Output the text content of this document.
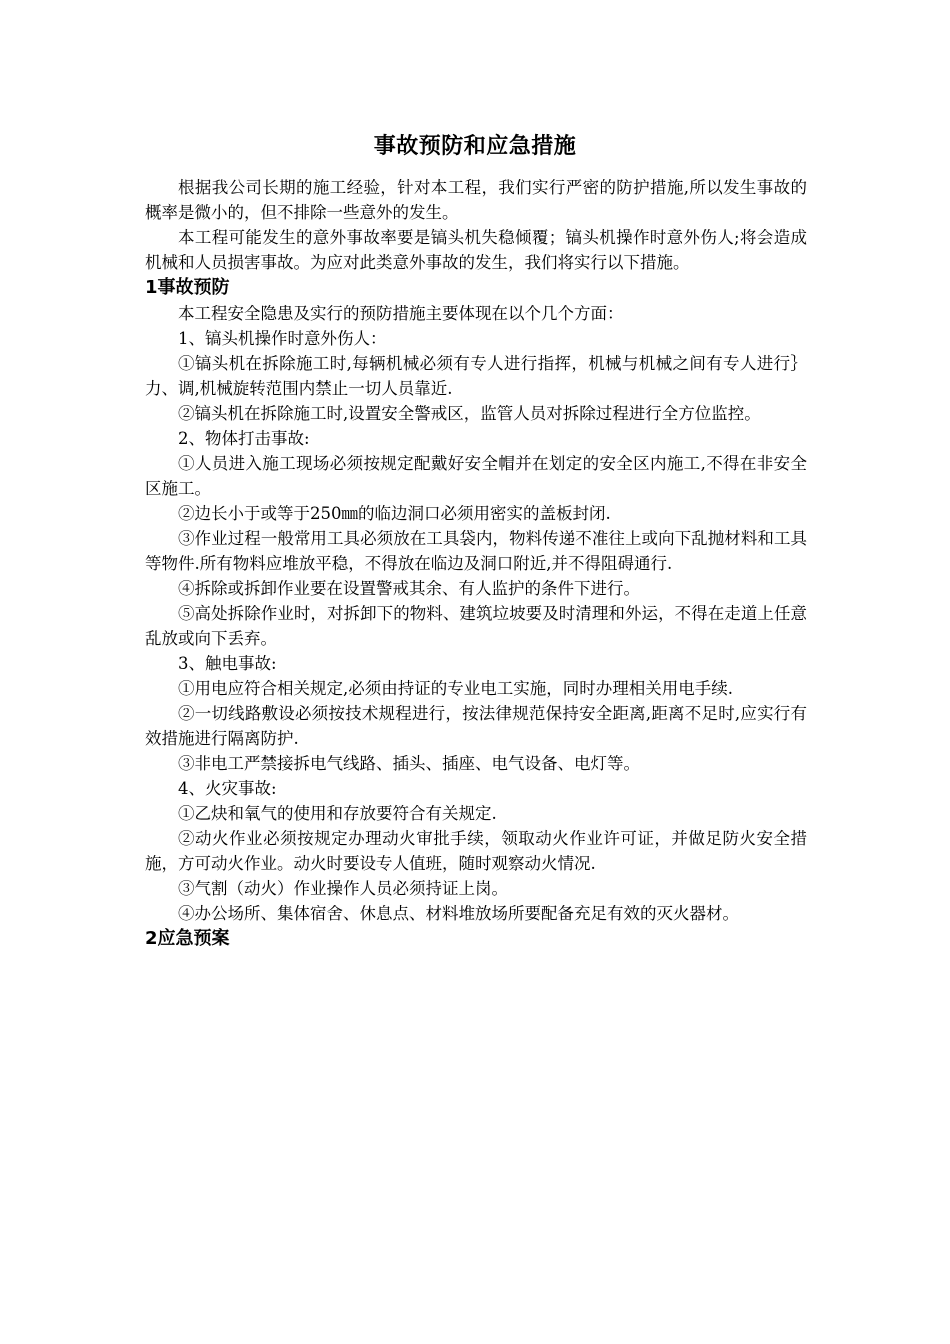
事故预防和应急措施

根据我公司长期的施工经验，针对本工程，我们实行严密的防护措施,所以发生事故的概率是微小的，但不排除一些意外的发生。

本工程可能发生的意外事故率要是镐头机失稳倾覆；镐头机操作时意外伤人;将会造成机械和人员损害事故。为应对此类意外事故的发生，我们将实行以下措施。

1事故预防

本工程安全隐患及实行的预防措施主要体现在以个几个方面：

1、镐头机操作时意外伤人：

①镐头机在拆除施工时,每辆机械必须有专人进行指挥，机械与机械之间有专人进行｝力、调,机械旋转范围内禁止一切人员靠近.

②镐头机在拆除施工时,设置安全警戒区，监管人员对拆除过程进行全方位监控。

2、物体打击事故:

①人员进入施工现场必须按规定配戴好安全帽并在划定的安全区内施工,不得在非安全区施工。

②边长小于或等于250㎜的临边洞口必须用密实的盖板封闭.

③作业过程一般常用工具必须放在工具袋内，物料传递不准往上或向下乱抛材料和工具等物件.所有物料应堆放平稳，不得放在临边及洞口附近,并不得阻碍通行.

④拆除或拆卸作业要在设置警戒其余、有人监护的条件下进行。

⑤高处拆除作业时，对拆卸下的物料、建筑垃坡要及时清理和外运，不得在走道上任意乱放或向下丢弃。

3、触电事故:

①用电应符合相关规定,必须由持证的专业电工实施，同时办理相关用电手续.

②一切线路敷设必须按技术规程进行，按法律规范保持安全距离,距离不足时,应实行有效措施进行隔离防护.

③非电工严禁接拆电气线路、插头、插座、电气设备、电灯等。

4、火灾事故:

①乙炔和氧气的使用和存放要符合有关规定.

②动火作业必须按规定办理动火审批手续，领取动火作业许可证，并做足防火安全措施，方可动火作业。动火时要设专人值班，随时观察动火情况.

③气割（动火）作业操作人员必须持证上岗。

④办公场所、集体宿舍、休息点、材料堆放场所要配备充足有效的灭火器材。

2应急预案
